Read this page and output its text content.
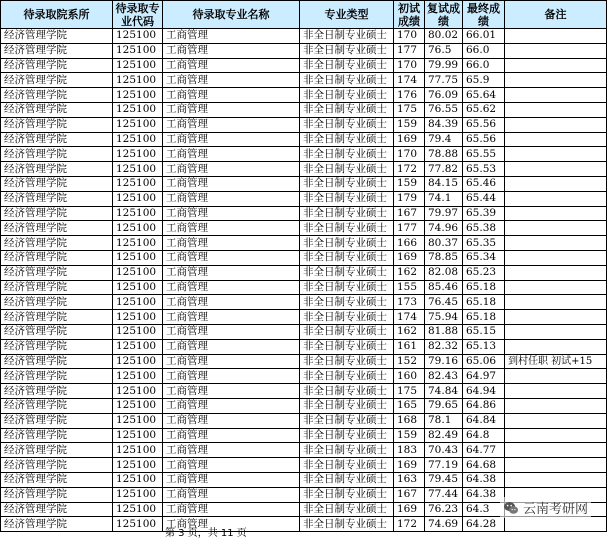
待录取院系所	待录取专业代码	待录取专业名称	专业类型	初试成绩	复试成绩	最终成绩	备注
经济管理学院	125100	工商管理	非全日制专业硕士	170	80.02	66.01	
经济管理学院	125100	工商管理	非全日制专业硕士	177	76.5	66.0	
经济管理学院	125100	工商管理	非全日制专业硕士	170	79.99	66.0	
经济管理学院	125100	工商管理	非全日制专业硕士	174	77.75	65.9	
经济管理学院	125100	工商管理	非全日制专业硕士	176	76.09	65.64	
经济管理学院	125100	工商管理	非全日制专业硕士	175	76.55	65.62	
经济管理学院	125100	工商管理	非全日制专业硕士	159	84.39	65.56	
经济管理学院	125100	工商管理	非全日制专业硕士	169	79.4	65.56	
经济管理学院	125100	工商管理	非全日制专业硕士	170	78.88	65.55	
经济管理学院	125100	工商管理	非全日制专业硕士	172	77.82	65.53	
经济管理学院	125100	工商管理	非全日制专业硕士	159	84.15	65.46	
经济管理学院	125100	工商管理	非全日制专业硕士	179	74.1	65.44	
经济管理学院	125100	工商管理	非全日制专业硕士	167	79.97	65.39	
经济管理学院	125100	工商管理	非全日制专业硕士	177	74.96	65.38	
经济管理学院	125100	工商管理	非全日制专业硕士	166	80.37	65.35	
经济管理学院	125100	工商管理	非全日制专业硕士	169	78.85	65.34	
经济管理学院	125100	工商管理	非全日制专业硕士	162	82.08	65.23	
经济管理学院	125100	工商管理	非全日制专业硕士	155	85.46	65.18	
经济管理学院	125100	工商管理	非全日制专业硕士	173	76.45	65.18	
经济管理学院	125100	工商管理	非全日制专业硕士	174	75.94	65.18	
经济管理学院	125100	工商管理	非全日制专业硕士	162	81.88	65.15	
经济管理学院	125100	工商管理	非全日制专业硕士	161	82.32	65.13	
经济管理学院	125100	工商管理	非全日制专业硕士	152	79.16	65.06	到村任职 初试+15
经济管理学院	125100	工商管理	非全日制专业硕士	160	82.43	64.97	
经济管理学院	125100	工商管理	非全日制专业硕士	175	74.84	64.94	
经济管理学院	125100	工商管理	非全日制专业硕士	165	79.65	64.86	
经济管理学院	125100	工商管理	非全日制专业硕士	168	78.1	64.84	
经济管理学院	125100	工商管理	非全日制专业硕士	159	82.49	64.8	
经济管理学院	125100	工商管理	非全日制专业硕士	183	70.43	64.77	
经济管理学院	125100	工商管理	非全日制专业硕士	169	77.19	64.68	
经济管理学院	125100	工商管理	非全日制专业硕士	163	79.45	64.38	
经济管理学院	125100	工商管理	非全日制专业硕士	167	77.44	64.38	
经济管理学院	125100	工商管理	非全日制专业硕士	169	76.23	64.3	
经济管理学院	125100	工商管理	非全日制专业硕士	172	74.69	64.28	
第 3 页，共 11 页
云南考研网
